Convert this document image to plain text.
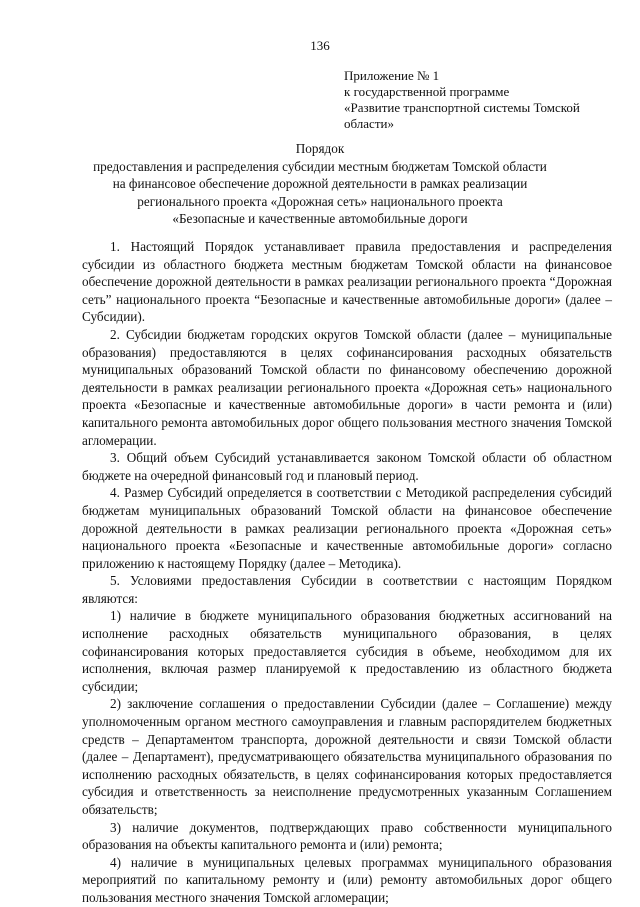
136
Приложение № 1
к государственной программе
«Развитие транспортной системы Томской
области»
Порядок
предоставления и распределения субсидии местным бюджетам Томской области
на финансовое обеспечение дорожной деятельности в рамках реализации
регионального проекта «Дорожная сеть» национального проекта
«Безопасные и качественные автомобильные дороги

1. Настоящий Порядок устанавливает правила предоставления и распределения субсидии из областного бюджета местным бюджетам Томской области на финансовое обеспечение дорожной деятельности в рамках реализации регионального проекта “Дорожная сеть” национального проекта “Безопасные и качественные автомобильные дороги» (далее – Субсидии).

2. Субсидии бюджетам городских округов Томской области (далее – муниципальные образования) предоставляются в целях софинансирования расходных обязательств муниципальных образований Томской области по финансовому обеспечению дорожной деятельности в рамках реализации регионального проекта «Дорожная сеть» национального проекта «Безопасные и качественные автомобильные дороги» в части ремонта и (или) капитального ремонта автомобильных дорог общего пользования местного значения Томской агломерации.

3. Общий объем Субсидий устанавливается законом Томской области об областном бюджете на очередной финансовый год и плановый период.

4. Размер Субсидий определяется в соответствии с Методикой распределения субсидий бюджетам муниципальных образований Томской области на финансовое обеспечение дорожной деятельности в рамках реализации регионального проекта «Дорожная сеть» национального проекта «Безопасные и качественные автомобильные дороги» согласно приложению к настоящему Порядку (далее – Методика).

5. Условиями предоставления Субсидии в соответствии с настоящим Порядком являются:

1) наличие в бюджете муниципального образования бюджетных ассигнований на исполнение расходных обязательств муниципального образования, в целях софинансирования которых предоставляется субсидия в объеме, необходимом для их исполнения, включая размер планируемой к предоставлению из областного бюджета субсидии;

2) заключение соглашения о предоставлении Субсидии (далее – Соглашение) между уполномоченным органом местного самоуправления и главным распорядителем бюджетных средств – Департаментом транспорта, дорожной деятельности и связи Томской области (далее – Департамент), предусматривающего обязательства муниципального образования по исполнению расходных обязательств, в целях софинансирования которых предоставляется субсидия и ответственность за неисполнение предусмотренных указанным Соглашением обязательств;

3) наличие документов, подтверждающих право собственности муниципального образования на объекты капитального ремонта и (или) ремонта;

4) наличие в муниципальных целевых программах муниципального образования мероприятий по капитальному ремонту и (или) ремонту автомобильных дорог общего пользования местного значения Томской агломерации;
